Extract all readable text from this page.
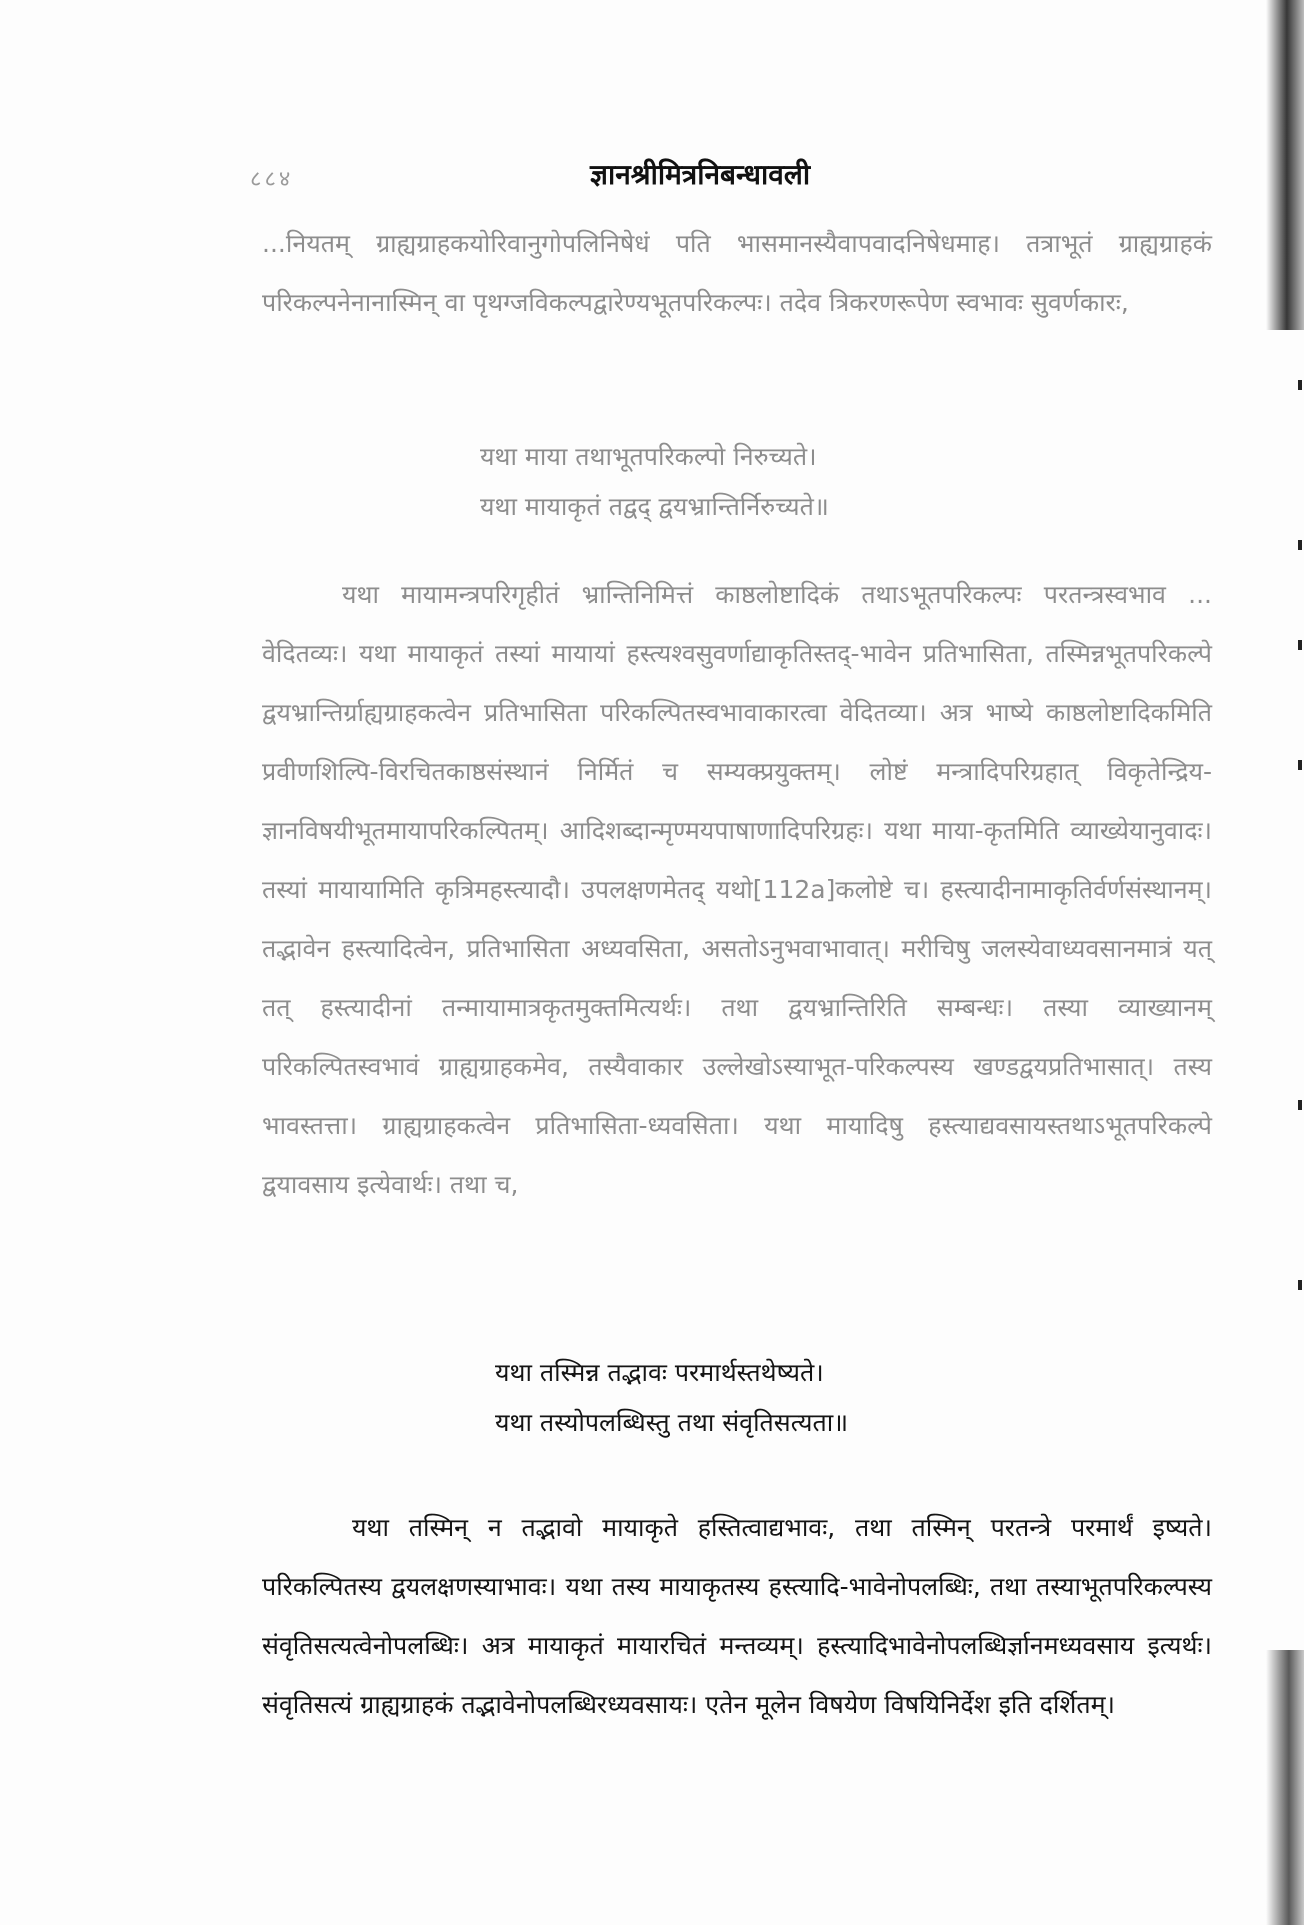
८८४	ज्ञानश्रीमित्रनिबन्धावली
...नियतम् ग्राह्यग्राहकयोरिवानुगोपलिनिषेधं पति भासमानस्यैवापवादनिषेधमाह। तत्राभूतं ग्राह्यग्राहकं परिकल्पनेनानास्मिन् वा पृथग्जविकल्पद्वारेण्यभूतपरिकल्पः। तदेव त्रिकरणरूपेण स्वभावः सुवर्णकारः,
यथा माया तथाभूतपरिकल्पो निरुच्यते।
यथा मायाकृतं तद्वद् द्वयभ्रान्तिर्निरुच्यते॥
यथा मायामन्त्रपरिगृहीतं भ्रान्तिनिमित्तं काष्ठलोष्टादिकं तथाऽभूतपरिकल्पः परतन्त्रस्वभाव ... वेदितव्यः। यथा मायाकृतं तस्यां मायायां हस्त्यश्वसुवर्णाद्याकृतिस्तद्-भावेन प्रतिभासिता, तस्मिन्नभूतपरिकल्पे द्वयभ्रान्तिर्ग्राह्यग्राहकत्वेन प्रतिभासिता परिकल्पितस्वभावाकारत्वा वेदितव्या। अत्र भाष्ये काष्ठलोष्टादिकमिति प्रवीणशिल्पि-विरचितकाष्ठसंस्थानं निर्मितं च सम्यक्प्रयुक्तम्। लोष्टं मन्त्रादिपरिग्रहात् विकृतेन्द्रिय-ज्ञानविषयीभूतमायापरिकल्पितम्। आदिशब्दान्मृण्मयपाषाणादिपरिग्रहः। यथा माया-कृतमिति व्याख्येयानुवादः। तस्यां मायायामिति कृत्रिमहस्त्यादौ। उपलक्षणमेतद् यथो[112a]कलोष्टे च। हस्त्यादीनामाकृतिर्वर्णसंस्थानम्। तद्भावेन हस्त्यादित्वेन, प्रतिभासिता अध्यवसिता, असतोऽनुभवाभावात्। मरीचिषु जलस्येवाध्यवसानमात्रं यत् तत् हस्त्यादीनां तन्मायामात्रकृतमुक्तमित्यर्थः। तथा द्वयभ्रान्तिरिति सम्बन्धः। तस्या व्याख्यानम् परिकल्पितस्वभावं ग्राह्यग्राहकमेव, तस्यैवाकार उल्लेखोऽस्याभूत-परिकल्पस्य खण्डद्वयप्रतिभासात्। तस्य भावस्तत्ता। ग्राह्यग्राहकत्वेन प्रतिभासिता-ध्यवसिता। यथा मायादिषु हस्त्याद्यवसायस्तथाऽभूतपरिकल्पे द्वयावसाय इत्येवार्थः। तथा च,
यथा तस्मिन्न तद्भावः परमार्थस्तथेष्यते।
यथा तस्योपलब्धिस्तु तथा संवृतिसत्यता॥
यथा तस्मिन् न तद्भावो मायाकृते हस्तित्वाद्यभावः, तथा तस्मिन् परतन्त्रे परमार्थं इष्यते। परिकल्पितस्य द्वयलक्षणस्याभावः। यथा तस्य मायाकृतस्य हस्त्यादि-भावेनोपलब्धिः, तथा तस्याभूतपरिकल्पस्य संवृतिसत्यत्वेनोपलब्धिः। अत्र मायाकृतं मायारचितं मन्तव्यम्। हस्त्यादिभावेनोपलब्धिर्ज्ञानमध्यवसाय इत्यर्थः। संवृतिसत्यं ग्राह्यग्राहकं तद्भावेनोपलब्धिरध्यवसायः। एतेन मूलेन विषयेण विषयिनिर्देश इति दर्शितम्।
